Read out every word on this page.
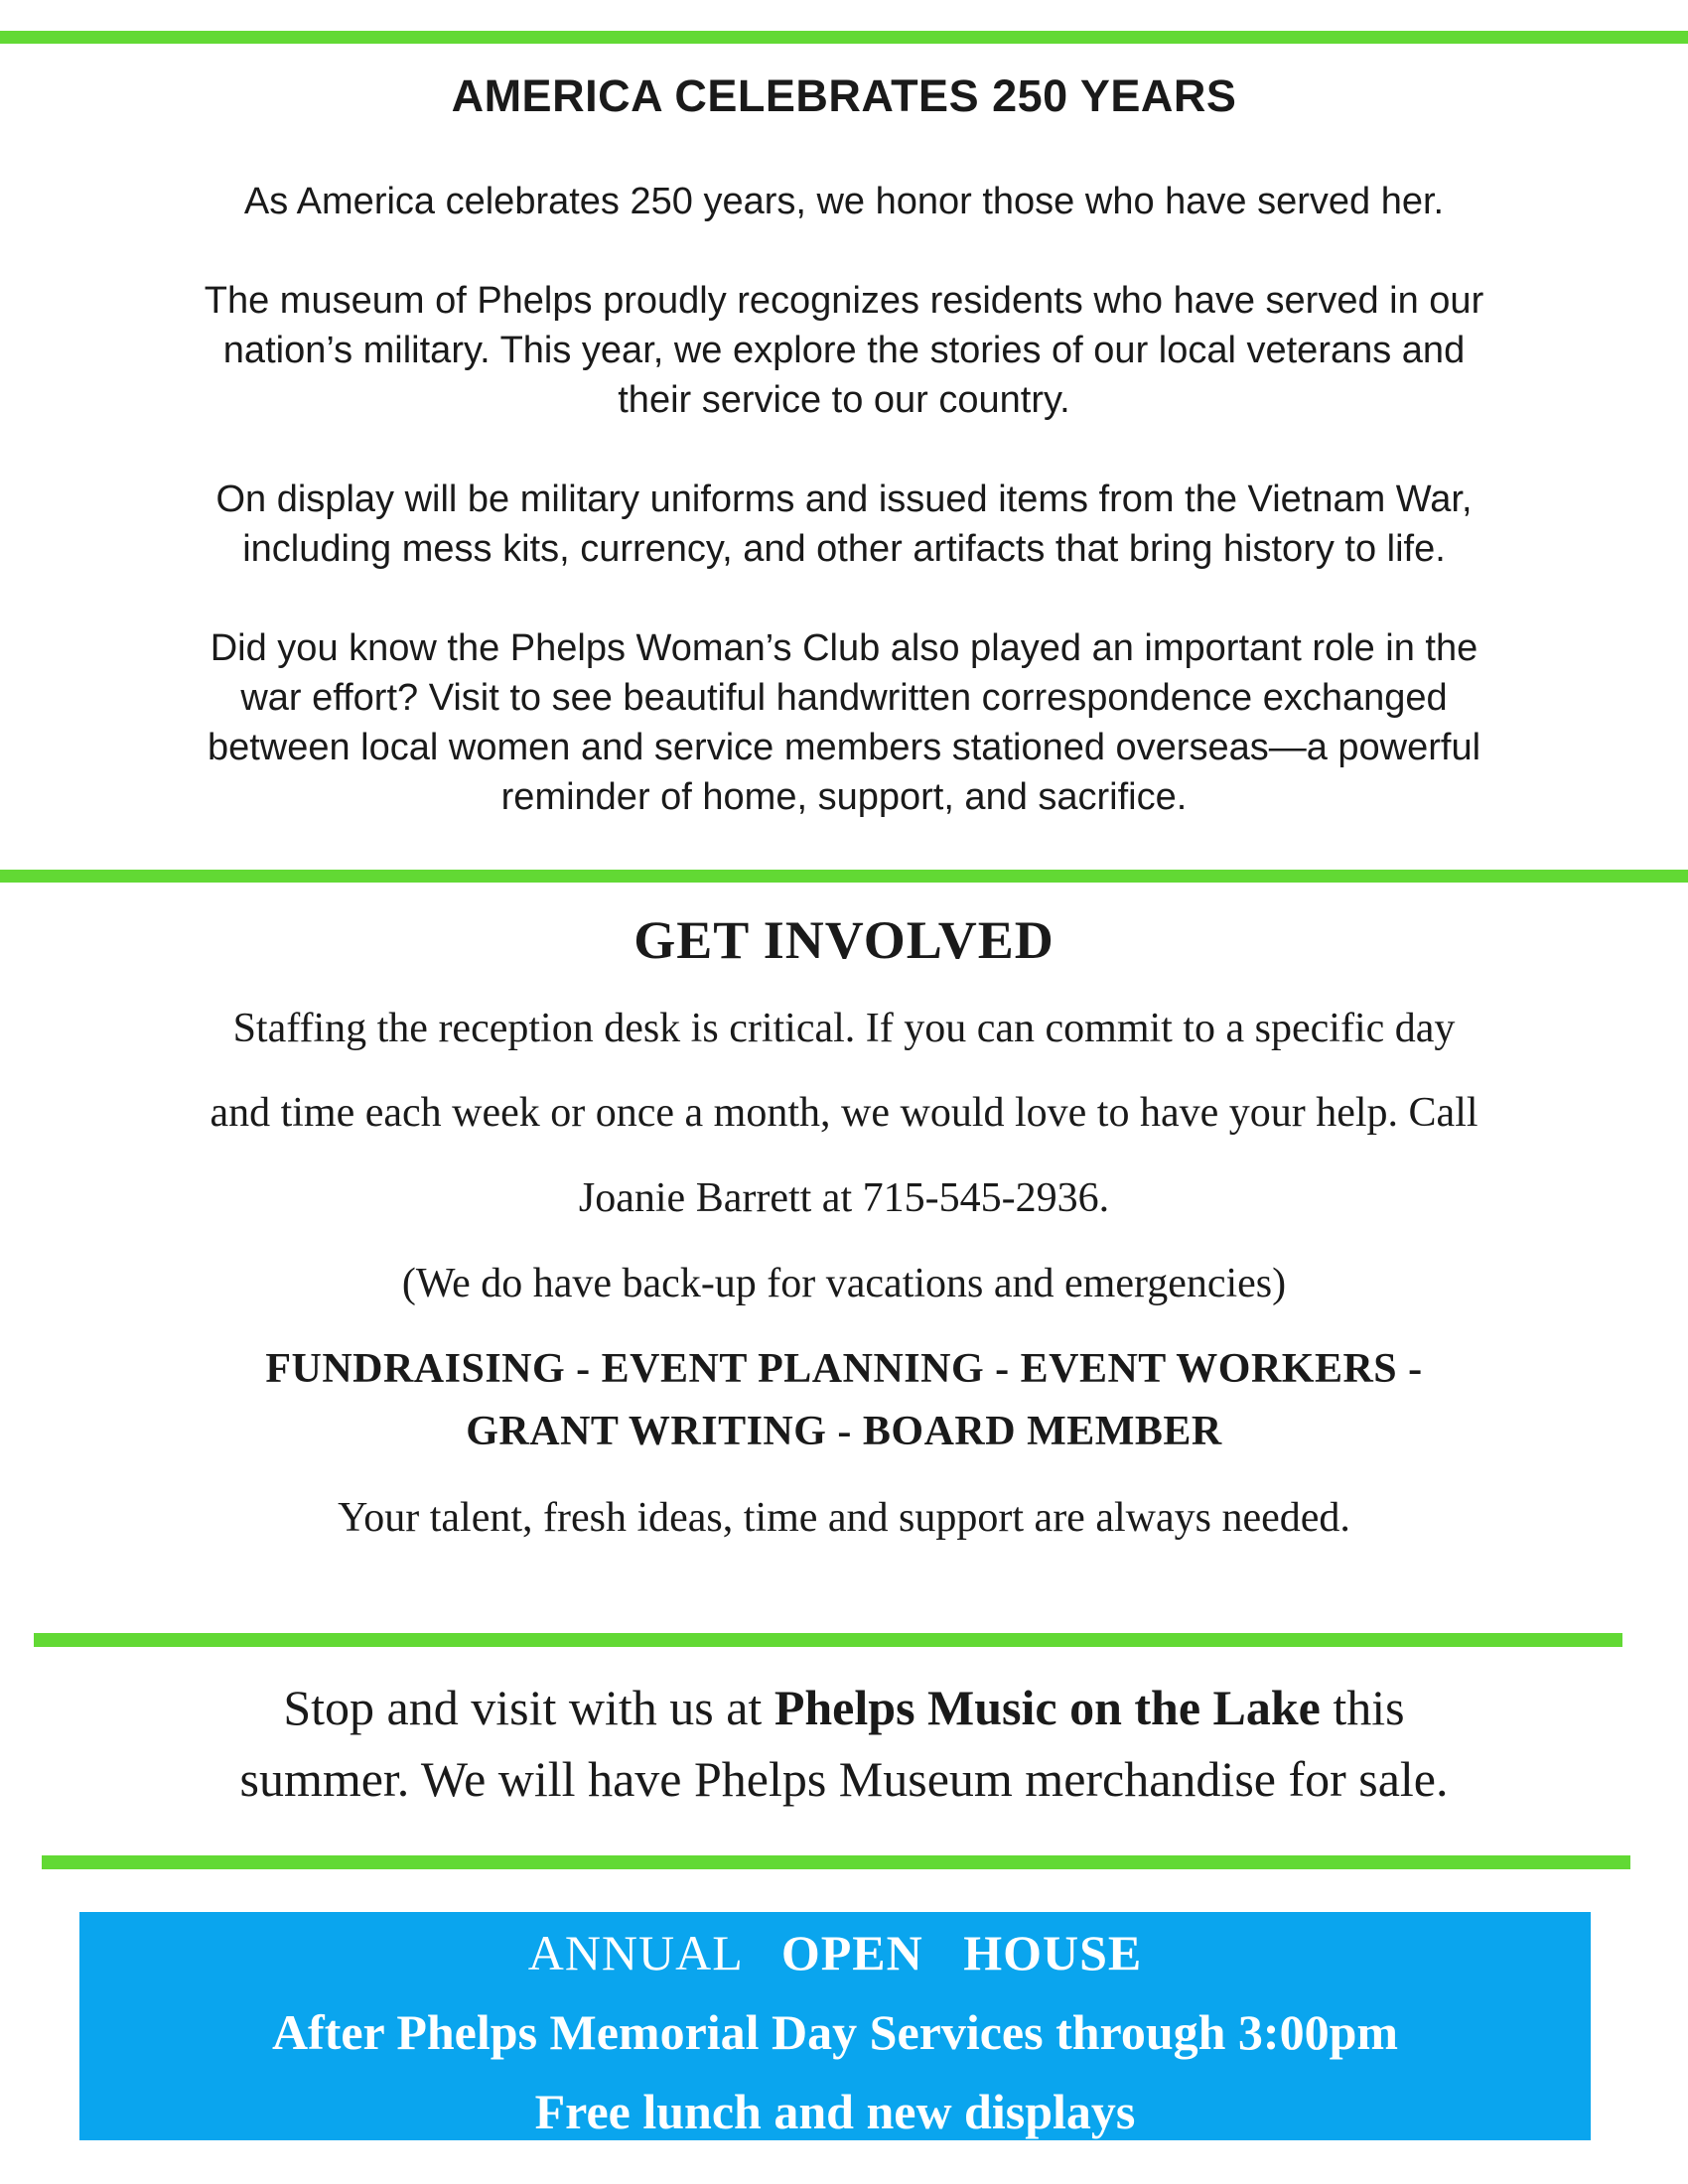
AMERICA CELEBRATES 250 YEARS

As America celebrates 250 years, we honor those who have served her.

The museum of Phelps proudly recognizes residents who have served in our

nation’s military. This year, we explore the stories of our local veterans and

their service to our country.

On display will be military uniforms and issued items from the Vietnam War,

including mess kits, currency, and other artifacts that bring history to life.

Did you know the Phelps Woman’s Club also played an important role in the

war effort? Visit to see beautiful handwritten correspondence exchanged

between local women and service members stationed overseas—a powerful

reminder of home, support, and sacrifice.

GET INVOLVED

Staffing the reception desk is critical. If you can commit to a specific day

and time each week or once a month, we would love to have your help. Call

Joanie Barrett at 715-545-2936.

(We do have back-up for vacations and emergencies)

FUNDRAISING - EVENT PLANNING - EVENT WORKERS -
GRANT WRITING - BOARD MEMBER

Your talent, fresh ideas, time and support are always needed.

Stop and visit with us at Phelps Music on the Lake this
summer. We will have Phelps Museum merchandise for sale.
ANNUAL OPEN   HOUSE
After Phelps Memorial Day Services through 3:00pm
Free lunch and new displays
